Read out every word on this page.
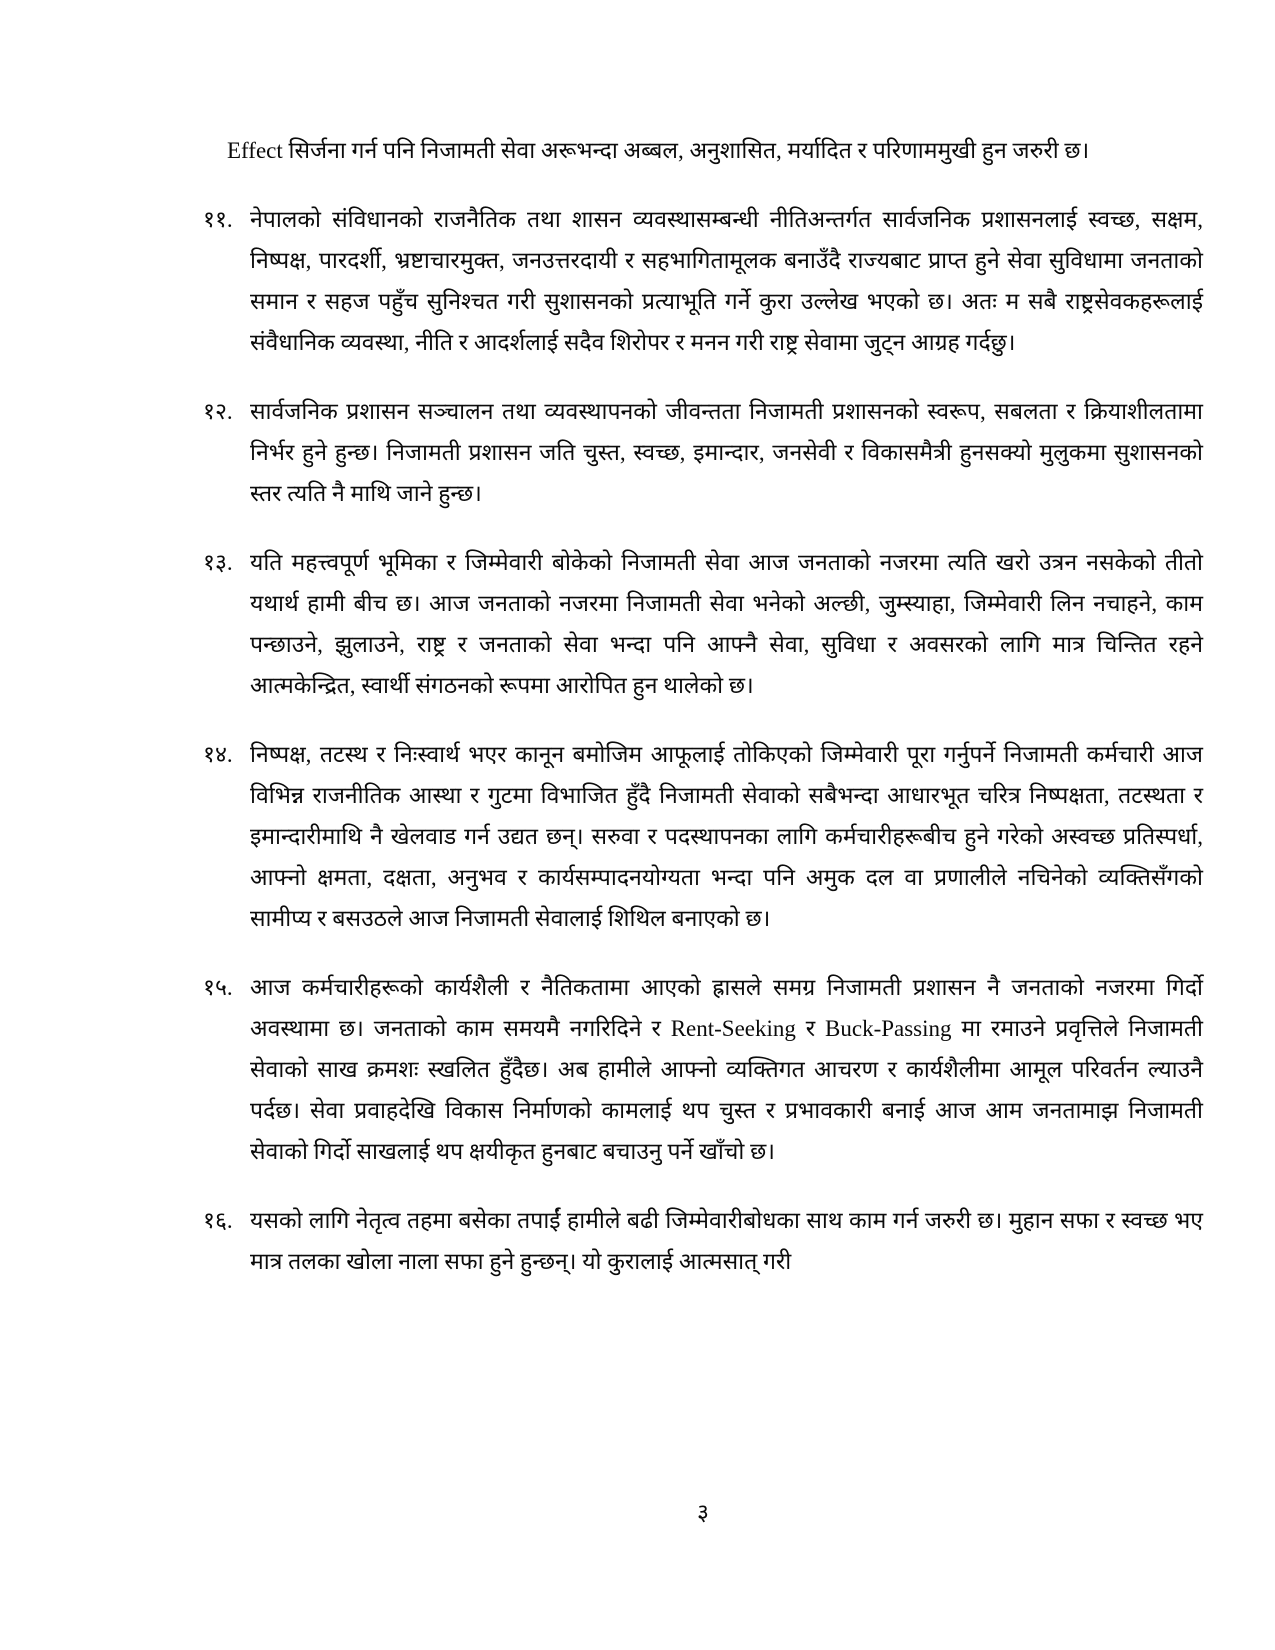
Effect सिर्जना गर्न पनि निजामती सेवा अरूभन्दा अब्बल, अनुशासित, मर्यादित र परिणाममुखी हुन जरुरी छ।

११. नेपालको संविधानको राजनैतिक तथा शासन व्यवस्थासम्बन्धी नीतिअन्तर्गत सार्वजनिक प्रशासनलाई स्वच्छ, सक्षम, निष्पक्ष, पारदर्शी, भ्रष्टाचारमुक्त, जनउत्तरदायी र सहभागितामूलक बनाउँदै राज्यबाट प्राप्त हुने सेवा सुविधामा जनताको समान र सहज पहुँच सुनिश्चत गरी सुशासनको प्रत्याभूति गर्ने कुरा उल्लेख भएको छ। अतः म सबै राष्ट्रसेवकहरूलाई संवैधानिक व्यवस्था, नीति र आदर्शलाई सदैव शिरोपर र मनन गरी राष्ट्र सेवामा जुट्न आग्रह गर्दछु।
१२. सार्वजनिक प्रशासन सञ्चालन तथा व्यवस्थापनको जीवन्तता निजामती प्रशासनको स्वरूप, सबलता र क्रियाशीलतामा निर्भर हुने हुन्छ। निजामती प्रशासन जति चुस्त, स्वच्छ, इमान्दार, जनसेवी र विकासमैत्री हुनसक्यो मुलुकमा सुशासनको स्तर त्यति नै माथि जाने हुन्छ।
१३. यति महत्त्वपूर्ण भूमिका र जिम्मेवारी बोकेको निजामती सेवा आज जनताको नजरमा त्यति खरो उत्रन नसकेको तीतो यथार्थ हामी बीच छ। आज जनताको नजरमा निजामती सेवा भनेको अल्छी, जुम्स्याहा, जिम्मेवारी लिन नचाहने, काम पन्छाउने, झुलाउने, राष्ट्र र जनताको सेवा भन्दा पनि आफ्नै सेवा, सुविधा र अवसरको लागि मात्र चिन्तित रहने आत्मकेन्द्रित, स्वार्थी संगठनको रूपमा आरोपित हुन थालेको छ।
१४. निष्पक्ष, तटस्थ र निःस्वार्थ भएर कानून बमोजिम आफूलाई तोकिएको जिम्मेवारी पूरा गर्नुपर्ने निजामती कर्मचारी आज विभिन्न राजनीतिक आस्था र गुटमा विभाजित हुँदै निजामती सेवाको सबैभन्दा आधारभूत चरित्र निष्पक्षता, तटस्थता र इमान्दारीमाथि नै खेलवाड गर्न उद्यत छन्। सरुवा र पदस्थापनका लागि कर्मचारीहरूबीच हुने गरेको अस्वच्छ प्रतिस्पर्धा, आफ्नो क्षमता, दक्षता, अनुभव र कार्यसम्पादनयोग्यता भन्दा पनि अमुक दल वा प्रणालीले नचिनेको व्यक्तिसँगको सामीप्य र बसउठले आज निजामती सेवालाई शिथिल बनाएको छ।
१५. आज कर्मचारीहरूको कार्यशैली र नैतिकतामा आएको ह्रासले समग्र निजामती प्रशासन नै जनताको नजरमा गिर्दो अवस्थामा छ। जनताको काम समयमै नगरिदिने र Rent-Seeking र Buck-Passing मा रमाउने प्रवृत्तिले निजामती सेवाको साख क्रमशः स्खलित हुँदैछ। अब हामीले आफ्नो व्यक्तिगत आचरण र कार्यशैलीमा आमूल परिवर्तन ल्याउनै पर्दछ। सेवा प्रवाहदेखि विकास निर्माणको कामलाई थप चुस्त र प्रभावकारी बनाई आज आम जनतामाझ निजामती सेवाको गिर्दो साखलाई थप क्षयीकृत हुनबाट बचाउनु पर्ने खाँचो छ।
१६. यसको लागि नेतृत्व तहमा बसेका तपाईं हामीले बढी जिम्मेवारीबोधका साथ काम गर्न जरुरी छ। मुहान सफा र स्वच्छ भए मात्र तलका खोला नाला सफा हुने हुन्छन्। यो कुरालाई आत्मसात् गरी
३
